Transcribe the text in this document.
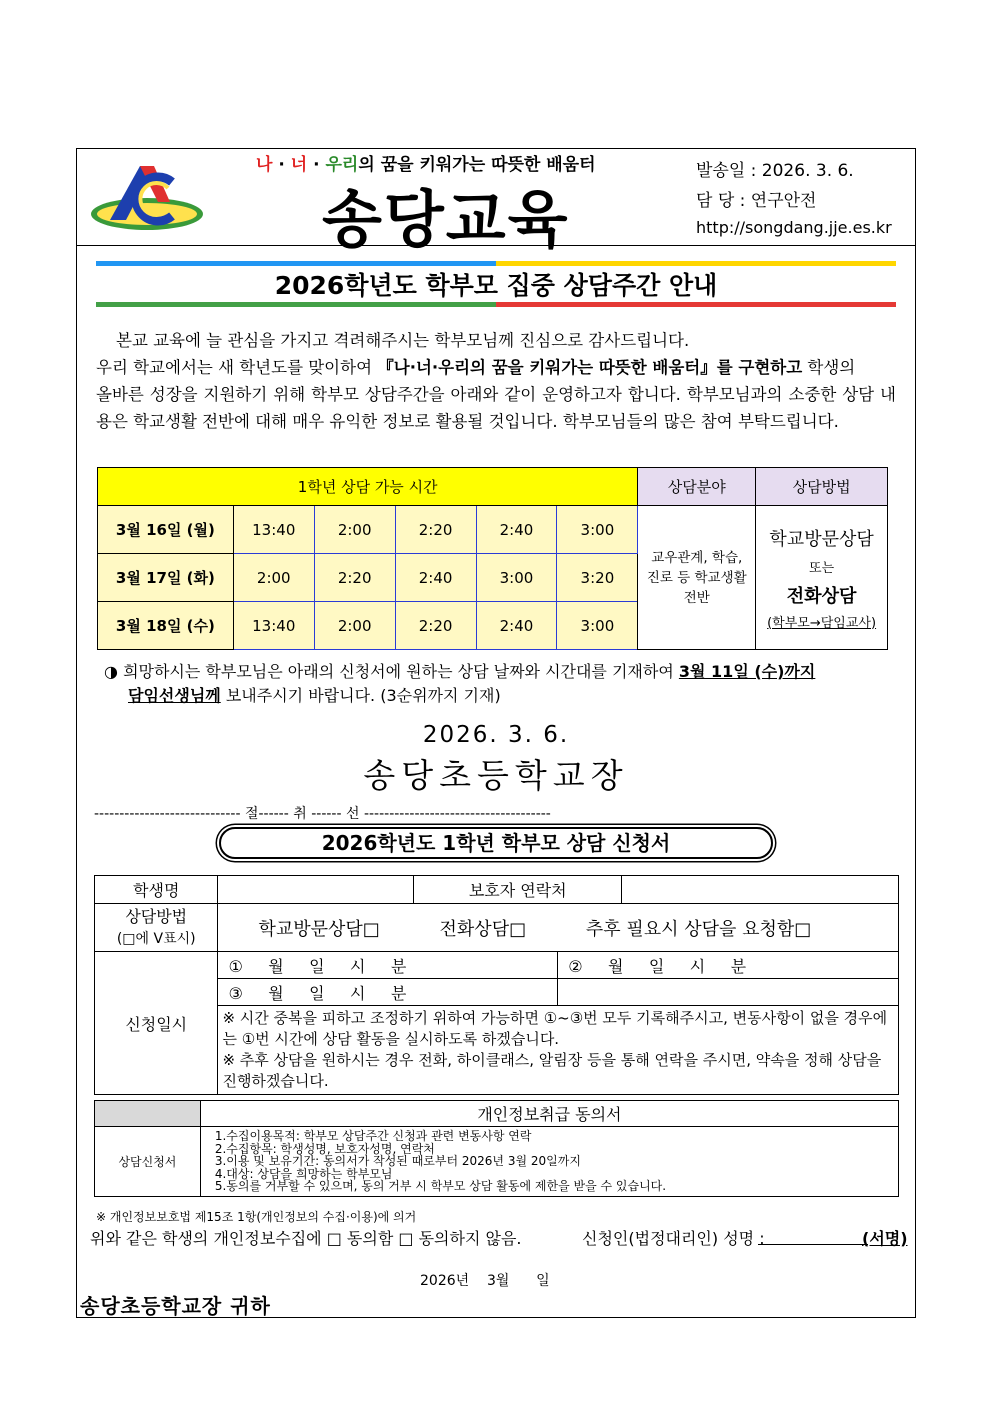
나 · 너 · 우리의 꿈을 키워가는 따뜻한 배움터
송당교육
발송일 : 2026. 3. 6.
담 당 : 연구안전
http://songdang.jje.es.kr
2026학년도 학부모 집중 상담주간 안내
본교 교육에 늘 관심을 가지고 격려해주시는 학부모님께 진심으로 감사드립니다.
우리 학교에서는 새 학년도를 맞이하여 『나·너·우리의 꿈을 키워가는 따뜻한 배움터』를 구현하고 학생의
올바른 성장을 지원하기 위해 학부모 상담주간을 아래와 같이 운영하고자 합니다. 학부모님과의 소중한 상담 내용은 학교생활 전반에 대해 매우 유익한 정보로 활용될 것입니다. 학부모님들의 많은 참여 부탁드립니다.
1학년 상담 가능 시간						상담분야	상담방법
3월 16일 (월)	13:40	2:00	2:20	2:40	3:00	교우관계, 학습, 진로 등 학교생활 전반	학교방문상담
또는
전화상담
(학부모→담임교사)

3월 17일 (화)	2:00	2:20	2:40	3:00	3:20		
3월 18일 (수)	13:40	2:00	2:20	2:40	3:00		
◑ 희망하시는 학부모님은 아래의 신청서에 원하는 상담 날짜와 시간대를 기재하여 3월 11일 (수)까지
담임선생님께 보내주시기 바랍니다. (3순위까지 기재)
2026. 3. 6.
송당초등학교장
----------------------------- 절------ 취 ------ 선 -------------------------------------
2026학년도 1학년 학부모 상담 신청서
학생명		보호자 연락처		

상담방법
(□에 V표시)	학교방문상담□ 전화상담□ 추후 필요시 상담을 요청함□			
신청일시	①     월     일     시     분		②     월     일     시     분	
	③     월     일     시     분			

	※ 시간 중복을 피하고 조정하기 위하여 가능하면 ①~③번 모두 기록해주시고, 변동사항이 없을 경우에는 ①번 시간에 상담 활동을 실시하도록 하겠습니다.
※ 추후 상담을 원하시는 경우 전화, 하이클래스, 알림장 등을 통해 연락을 주시면, 약속을 정해 상담을 진행하겠습니다.			
	개인정보취급 동의서
상담신청서	1.수집이용목적: 학부모 상담주간 신청과 관련 변동사항 연락
2.수집항목: 학생성명, 보호자성명, 연락처
3.이용 및 보유기간: 동의서가 작성된 때로부터 2026년 3월 20일까지
4.대상: 상담을 희망하는 학부모님
5.동의를 거부할 수 있으며, 동의 거부 시 학부모 상담 활동에 제한을 받을 수 있습니다.
※ 개인정보보호법 제15조 1항(개인정보의 수집·이용)에 의거
위와 같은 학생의 개인정보수집에 □ 동의함 □ 동의하지 않음.	신청인(법정대리인) 성명 :	(서명)
2026년    3월      일
송당초등학교장 귀하
